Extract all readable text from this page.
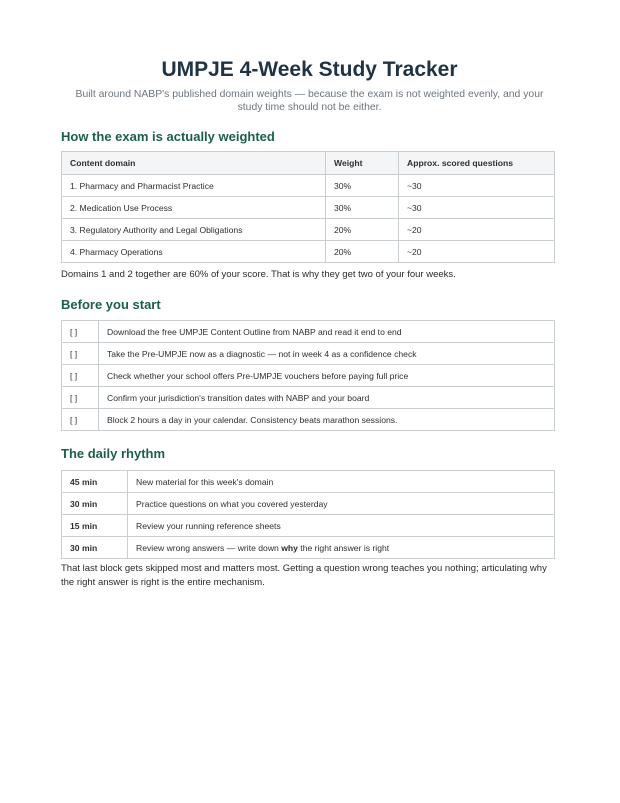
UMPJE 4-Week Study Tracker
Built around NABP's published domain weights — because the exam is not weighted evenly, and your study time should not be either.
How the exam is actually weighted
Content domain	Weight	Approx. scored questions
1. Pharmacy and Pharmacist Practice	30%	~30
2. Medication Use Process	30%	~30
3. Regulatory Authority and Legal Obligations	20%	~20
4. Pharmacy Operations	20%	~20

Domains 1 and 2 together are 60% of your score. That is why they get two of your four weeks.

Before you start
[ ]	Download the free UMPJE Content Outline from NABP and read it end to end
[ ]	Take the Pre-UMPJE now as a diagnostic — not in week 4 as a confidence check
[ ]	Check whether your school offers Pre-UMPJE vouchers before paying full price
[ ]	Confirm your jurisdiction's transition dates with NABP and your board
[ ]	Block 2 hours a day in your calendar. Consistency beats marathon sessions.
The daily rhythm
45 min	New material for this week's domain
30 min	Practice questions on what you covered yesterday
15 min	Review your running reference sheets
30 min	Review wrong answers — write down why the right answer is right

That last block gets skipped most and matters most. Getting a question wrong teaches you nothing; articulating why the right answer is right is the entire mechanism.
